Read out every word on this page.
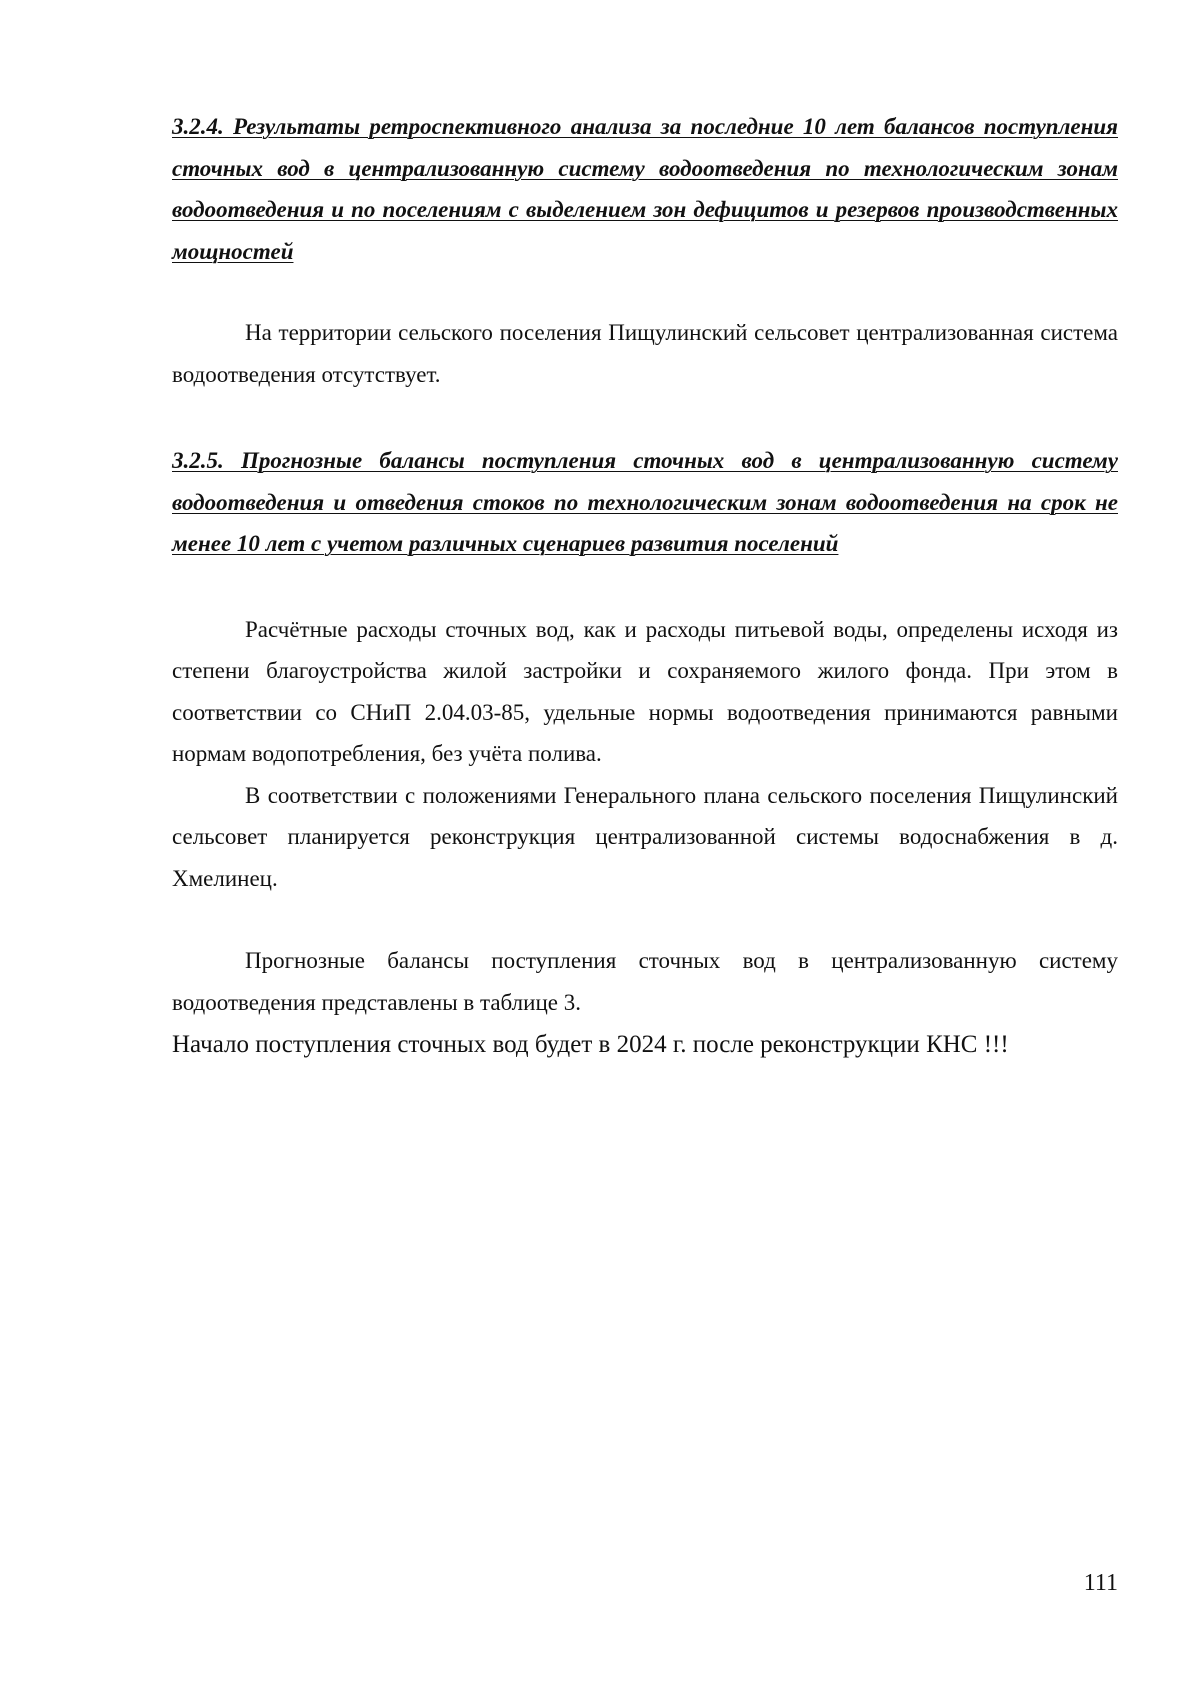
3.2.4. Результаты ретроспективного анализа за последние 10 лет балансов поступления сточных вод в централизованную систему водоотведения по технологическим зонам водоотведения и по поселениям с выделением зон дефицитов и резервов производственных мощностей

На территории сельского поселения Пищулинский сельсовет централизованная система водоотведения отсутствует.

3.2.5. Прогнозные балансы поступления сточных вод в централизованную систему водоотведения и отведения стоков по технологическим зонам водоотведения на срок не менее 10 лет с учетом различных сценариев развития поселений

Расчётные расходы сточных вод, как и расходы питьевой воды, определены исходя из степени благоустройства жилой застройки и сохраняемого жилого фонда. При этом в соответствии со СНиП 2.04.03-85, удельные нормы водоотведения принимаются равными нормам водопотребления, без учёта полива.

В соответствии с положениями Генерального плана сельского поселения Пищулинский сельсовет планируется реконструкция централизованной системы водоснабжения в д. Хмелинец.

Прогнозные балансы поступления сточных вод в централизованную систему водоотведения представлены в таблице 3.

Начало поступления сточных вод будет в 2024 г. после реконструкции КНС !!!

111
